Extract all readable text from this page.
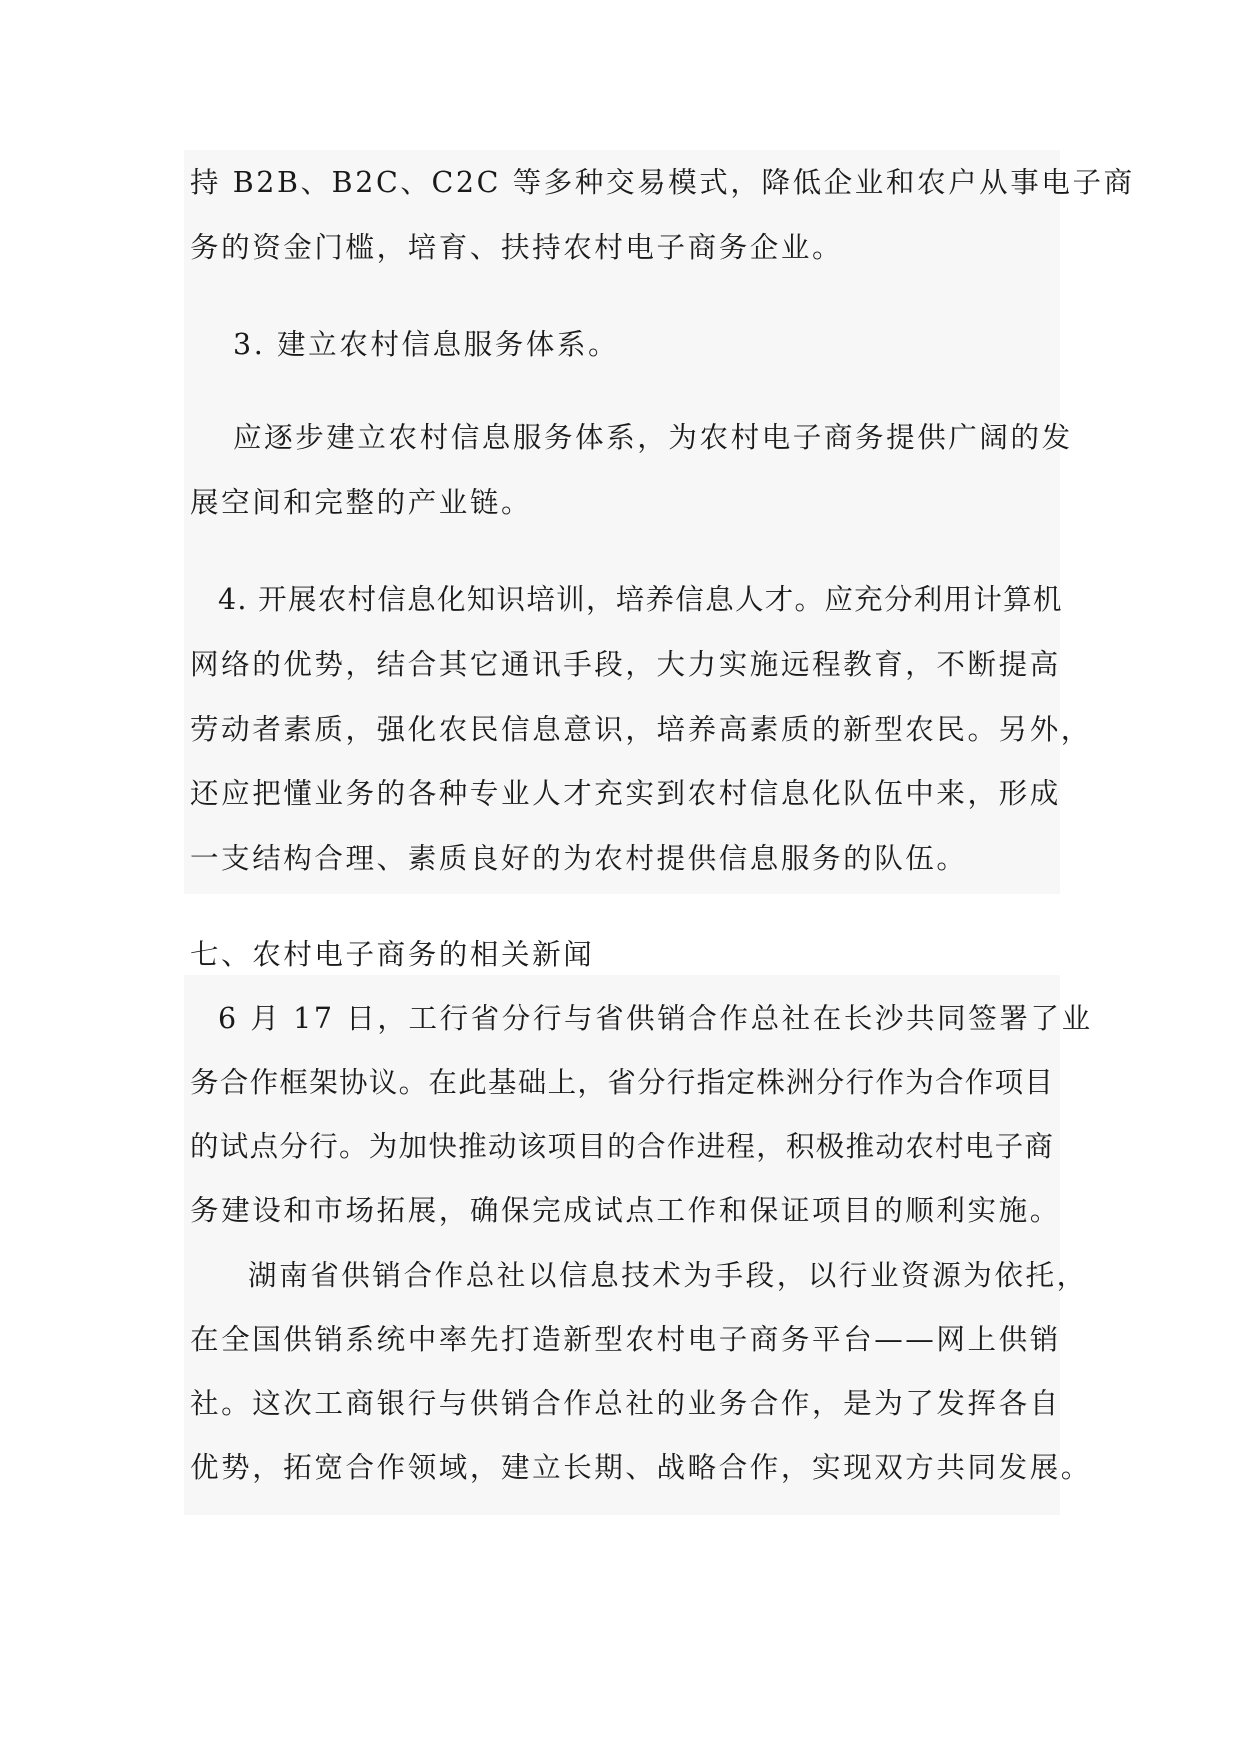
持 B2B、B2C、C2C 等多种交易模式，降低企业和农户从事电子商

务的资金门槛，培育、扶持农村电子商务企业。

3. 建立农村信息服务体系。

应逐步建立农村信息服务体系，为农村电子商务提供广阔的发

展空间和完整的产业链。

4. 开展农村信息化知识培训，培养信息人才。应充分利用计算机

网络的优势，结合其它通讯手段，大力实施远程教育，不断提高

劳动者素质，强化农民信息意识，培养高素质的新型农民。另外，

还应把懂业务的各种专业人才充实到农村信息化队伍中来，形成

一支结构合理、素质良好的为农村提供信息服务的队伍。

七、农村电子商务的相关新闻

6 月 17 日，工行省分行与省供销合作总社在长沙共同签署了业

务合作框架协议。在此基础上，省分行指定株洲分行作为合作项目

的试点分行。为加快推动该项目的合作进程，积极推动农村电子商

务建设和市场拓展，确保完成试点工作和保证项目的顺利实施。

湖南省供销合作总社以信息技术为手段，以行业资源为依托，

在全国供销系统中率先打造新型农村电子商务平台——网上供销

社。这次工商银行与供销合作总社的业务合作，是为了发挥各自

优势，拓宽合作领域，建立长期、战略合作，实现双方共同发展。
